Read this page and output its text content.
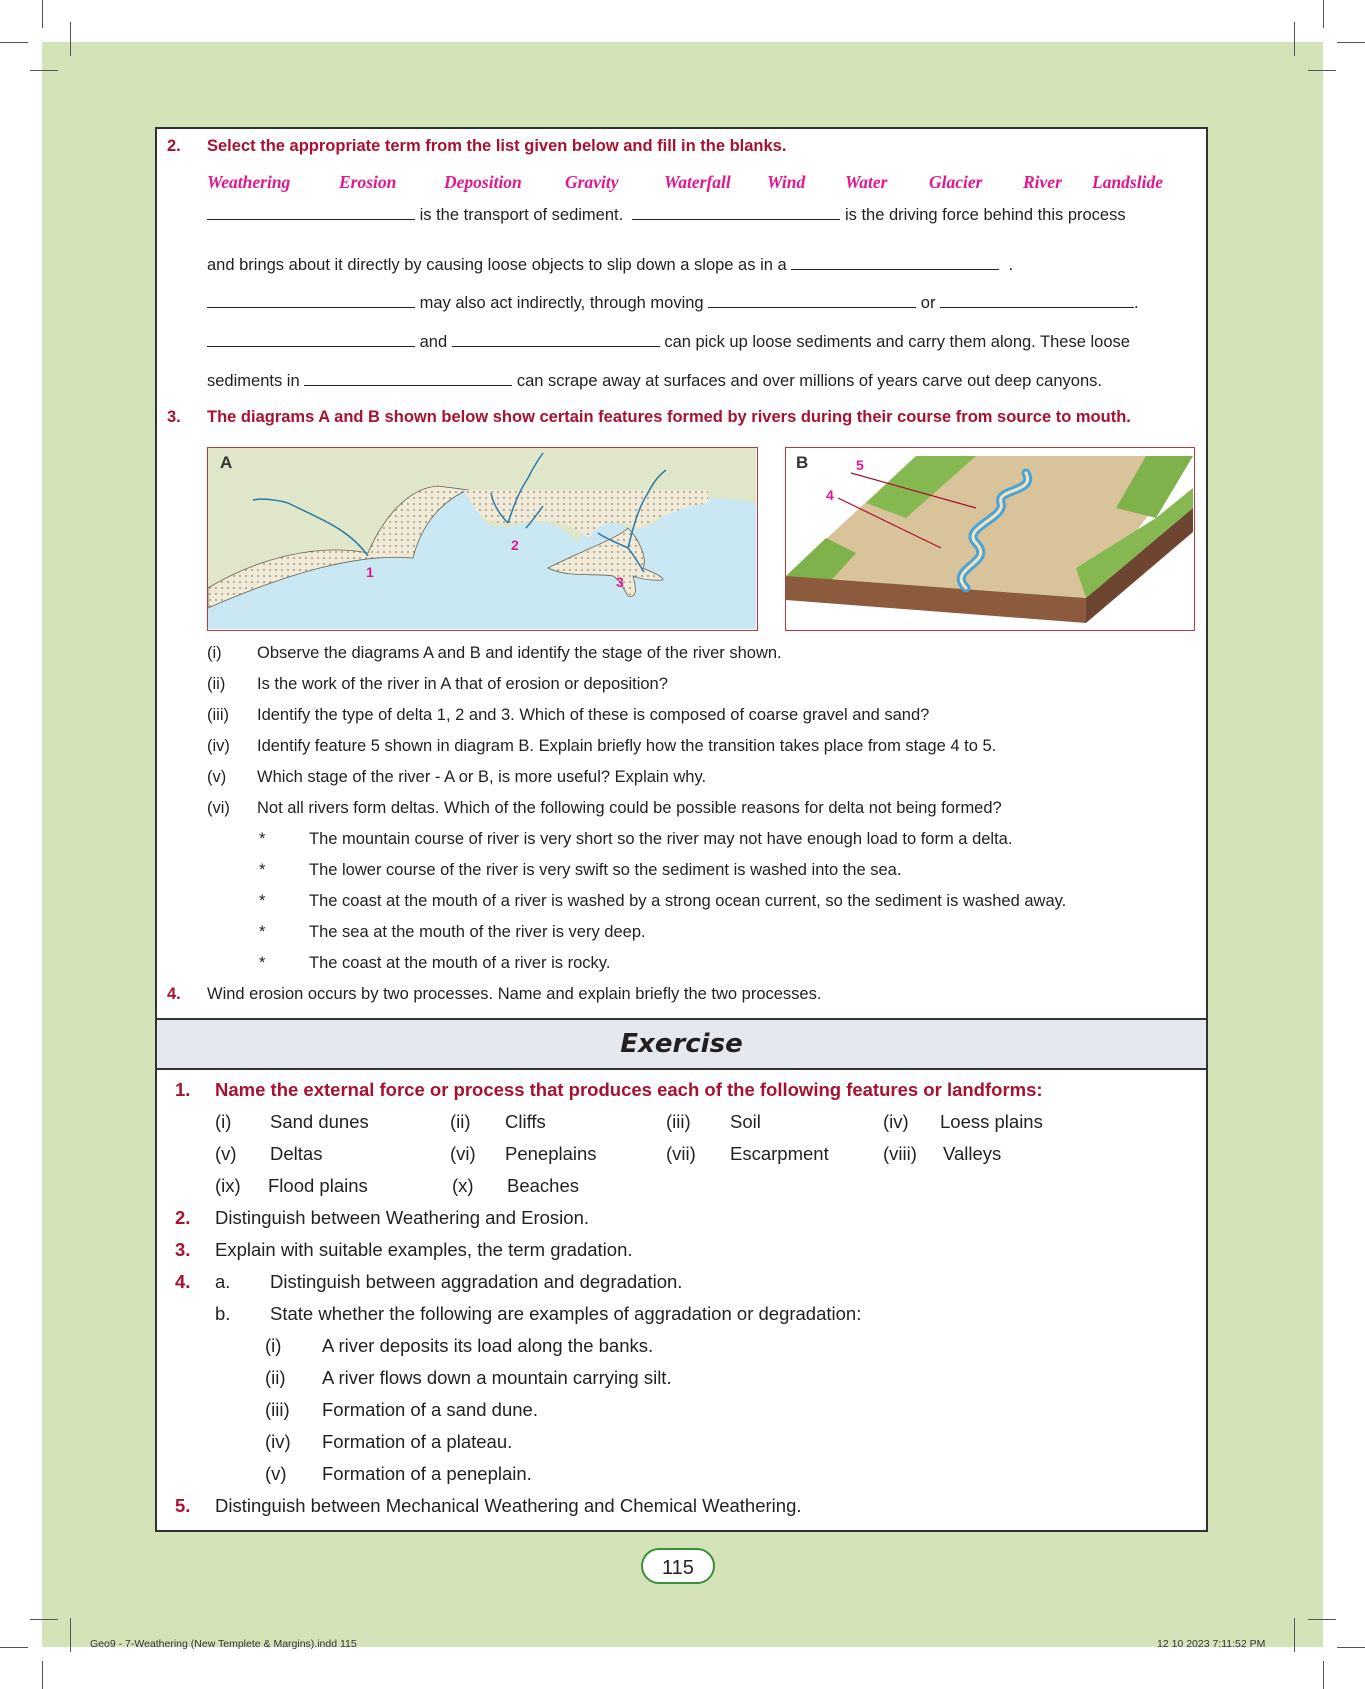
2. Select the appropriate term from the list given below and fill in the blanks.
Weathering	Erosion	Deposition Gravity	Waterfall Wind Water Glacier River Landslide
is the transport of sediment.	is the driving force behind this process
and brings about it directly by causing loose objects to slip down a slope as in a	.
may also act indirectly, through moving	or	.
and	can pick up loose sediments and carry them along. These loose
sediments in	can scrape away at surfaces and over millions of years carve out deep canyons.
3. The diagrams A and B shown below show certain features formed by rivers during their course from source to mouth.
A
1
2
3
B	5
4
(i) Observe the diagrams A and B and identify the stage of the river shown.
(ii) Is the work of the river in A that of erosion or deposition?
(iii) Identify the type of delta 1, 2 and 3. Which of these is composed of coarse gravel and sand?
(iv) Identify feature 5 shown in diagram B. Explain briefly how the transition takes place from stage 4 to 5.
(v) Which stage of the river - A or B, is more useful? Explain why.
(vi) Not all rivers form deltas. Which of the following could be possible reasons for delta not being formed?
*	The mountain course of river is very short so the river may not have enough load to form a delta.
*	The lower course of the river is very swift so the sediment is washed into the sea.
*	The coast at the mouth of a river is washed by a strong ocean current, so the sediment is washed away.
*	The sea at the mouth of the river is very deep.
*	The coast at the mouth of a river is rocky.
4. Wind erosion occurs by two processes. Name and explain briefly the two processes.
Exercise
1. Name the external force or process that produces each of the following features or landforms:
(i) Sand dunes	(ii) Cliffs	(iii) Soil	(iv) Loess plains
(v) Deltas	(vi) Peneplains	(vii) Escarpment	(viii) Valleys
(ix) Flood plains	(x) Beaches
2. Distinguish between Weathering and Erosion.
3. Explain with suitable examples, the term gradation.
4. a. Distinguish between aggradation and degradation.
b. State whether the following are examples of aggradation or degradation:
(i) A river deposits its load along the banks.
(ii) A river flows down a mountain carrying silt.
(iii) Formation of a sand dune.
(iv) Formation of a plateau.
(v) Formation of a peneplain.
5. Distinguish between Mechanical Weathering and Chemical Weathering.
115
Geo9 - 7-Weathering (New Templete & Margins).indd 115	12 10 2023 7:11:52 PM
